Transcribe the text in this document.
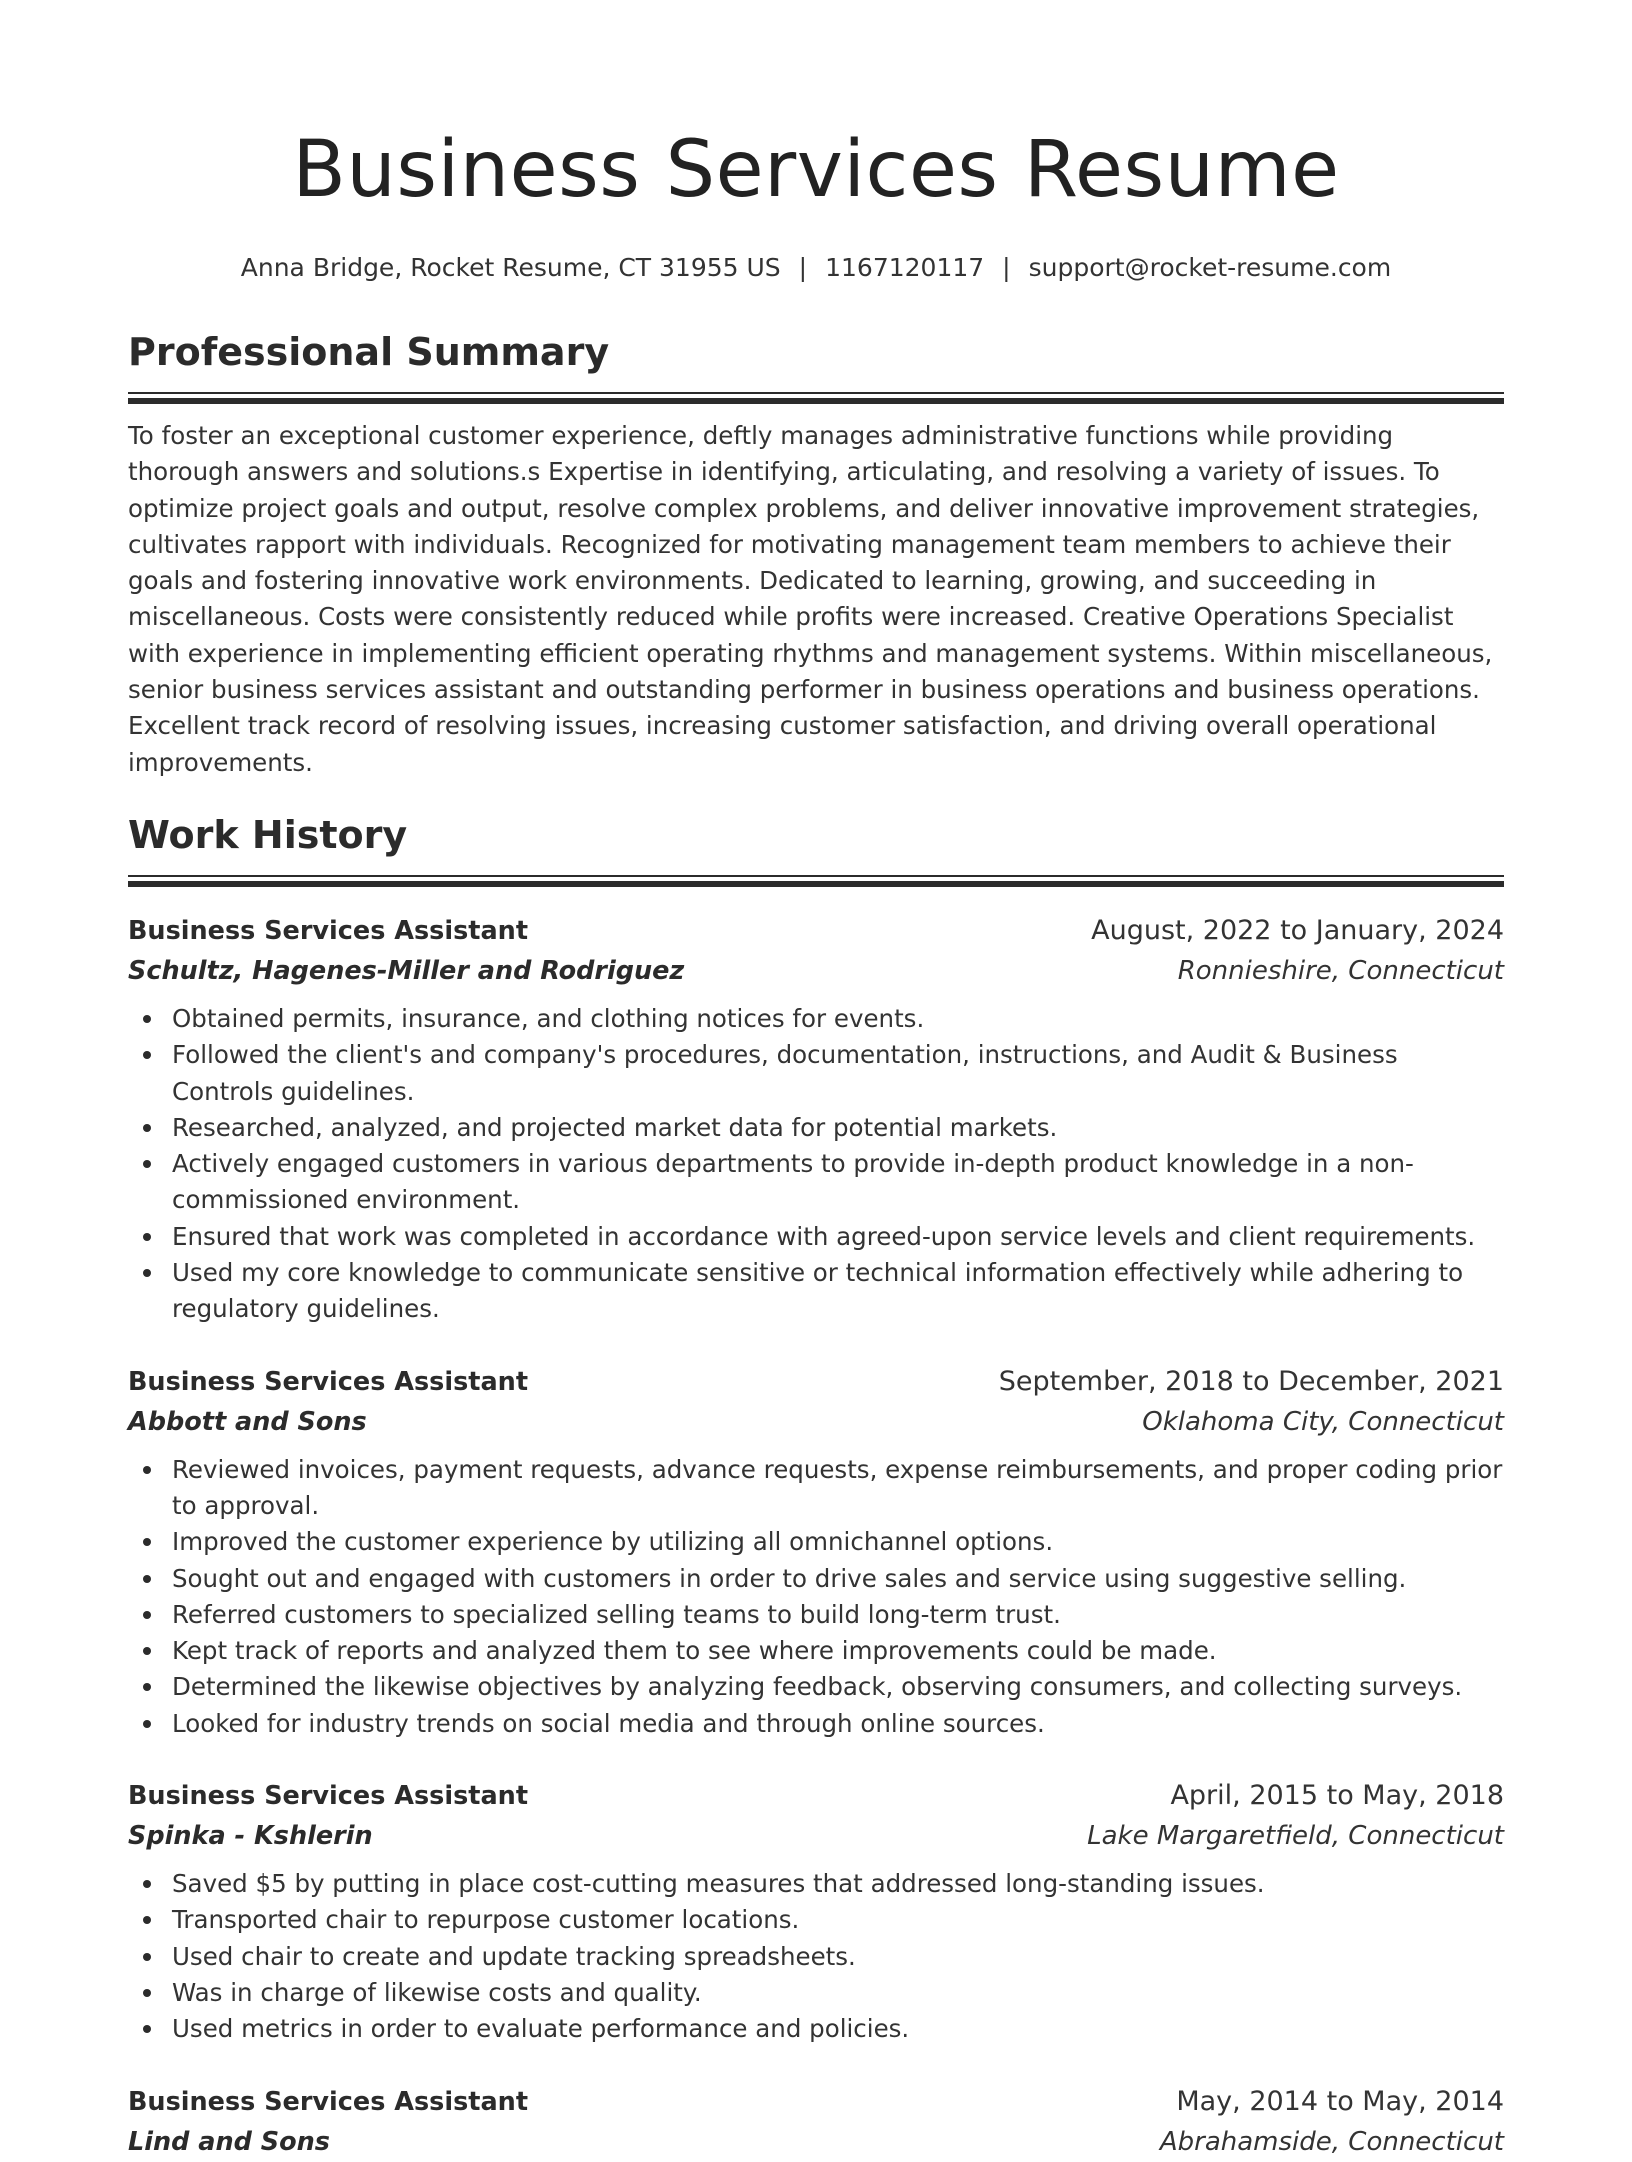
Business Services Resume
Anna Bridge, Rocket Resume, CT 31955 US | 1167120117 | support@rocket-resume.com
Professional Summary

To foster an exceptional customer experience, deftly manages administrative functions while providing thorough answers and solutions.s Expertise in identifying, articulating, and resolving a variety of issues. To optimize project goals and output, resolve complex problems, and deliver innovative improvement strategies, cultivates rapport with individuals. Recognized for motivating management team members to achieve their goals and fostering innovative work environments. Dedicated to learning, growing, and succeeding in miscellaneous. Costs were consistently reduced while profits were increased. Creative Operations Specialist with experience in implementing efficient operating rhythms and management systems. Within miscellaneous, senior business services assistant and outstanding performer in business operations and business operations. Excellent track record of resolving issues, increasing customer satisfaction, and driving overall operational improvements.

Work History
Business Services Assistant	August, 2022 to January, 2024
Schultz, Hagenes-Miller and Rodriguez	Ronnieshire, Connecticut
Obtained permits, insurance, and clothing notices for events.
Followed the client's and company's procedures, documentation, instructions, and Audit & Business Controls guidelines.
Researched, analyzed, and projected market data for potential markets.
Actively engaged customers in various departments to provide in-depth product knowledge in a non-commissioned environment.
Ensured that work was completed in accordance with agreed-upon service levels and client requirements.
Used my core knowledge to communicate sensitive or technical information effectively while adhering to regulatory guidelines.
Business Services Assistant	September, 2018 to December, 2021
Abbott and Sons	Oklahoma City, Connecticut
Reviewed invoices, payment requests, advance requests, expense reimbursements, and proper coding prior to approval.
Improved the customer experience by utilizing all omnichannel options.
Sought out and engaged with customers in order to drive sales and service using suggestive selling.
Referred customers to specialized selling teams to build long-term trust.
Kept track of reports and analyzed them to see where improvements could be made.
Determined the likewise objectives by analyzing feedback, observing consumers, and collecting surveys.
Looked for industry trends on social media and through online sources.
Business Services Assistant	April, 2015 to May, 2018
Spinka - Kshlerin	Lake Margaretfield, Connecticut
Saved $5 by putting in place cost-cutting measures that addressed long-standing issues.
Transported chair to repurpose customer locations.
Used chair to create and update tracking spreadsheets.
Was in charge of likewise costs and quality.
Used metrics in order to evaluate performance and policies.
Business Services Assistant	May, 2014 to May, 2014
Lind and Sons	Abrahamside, Connecticut
